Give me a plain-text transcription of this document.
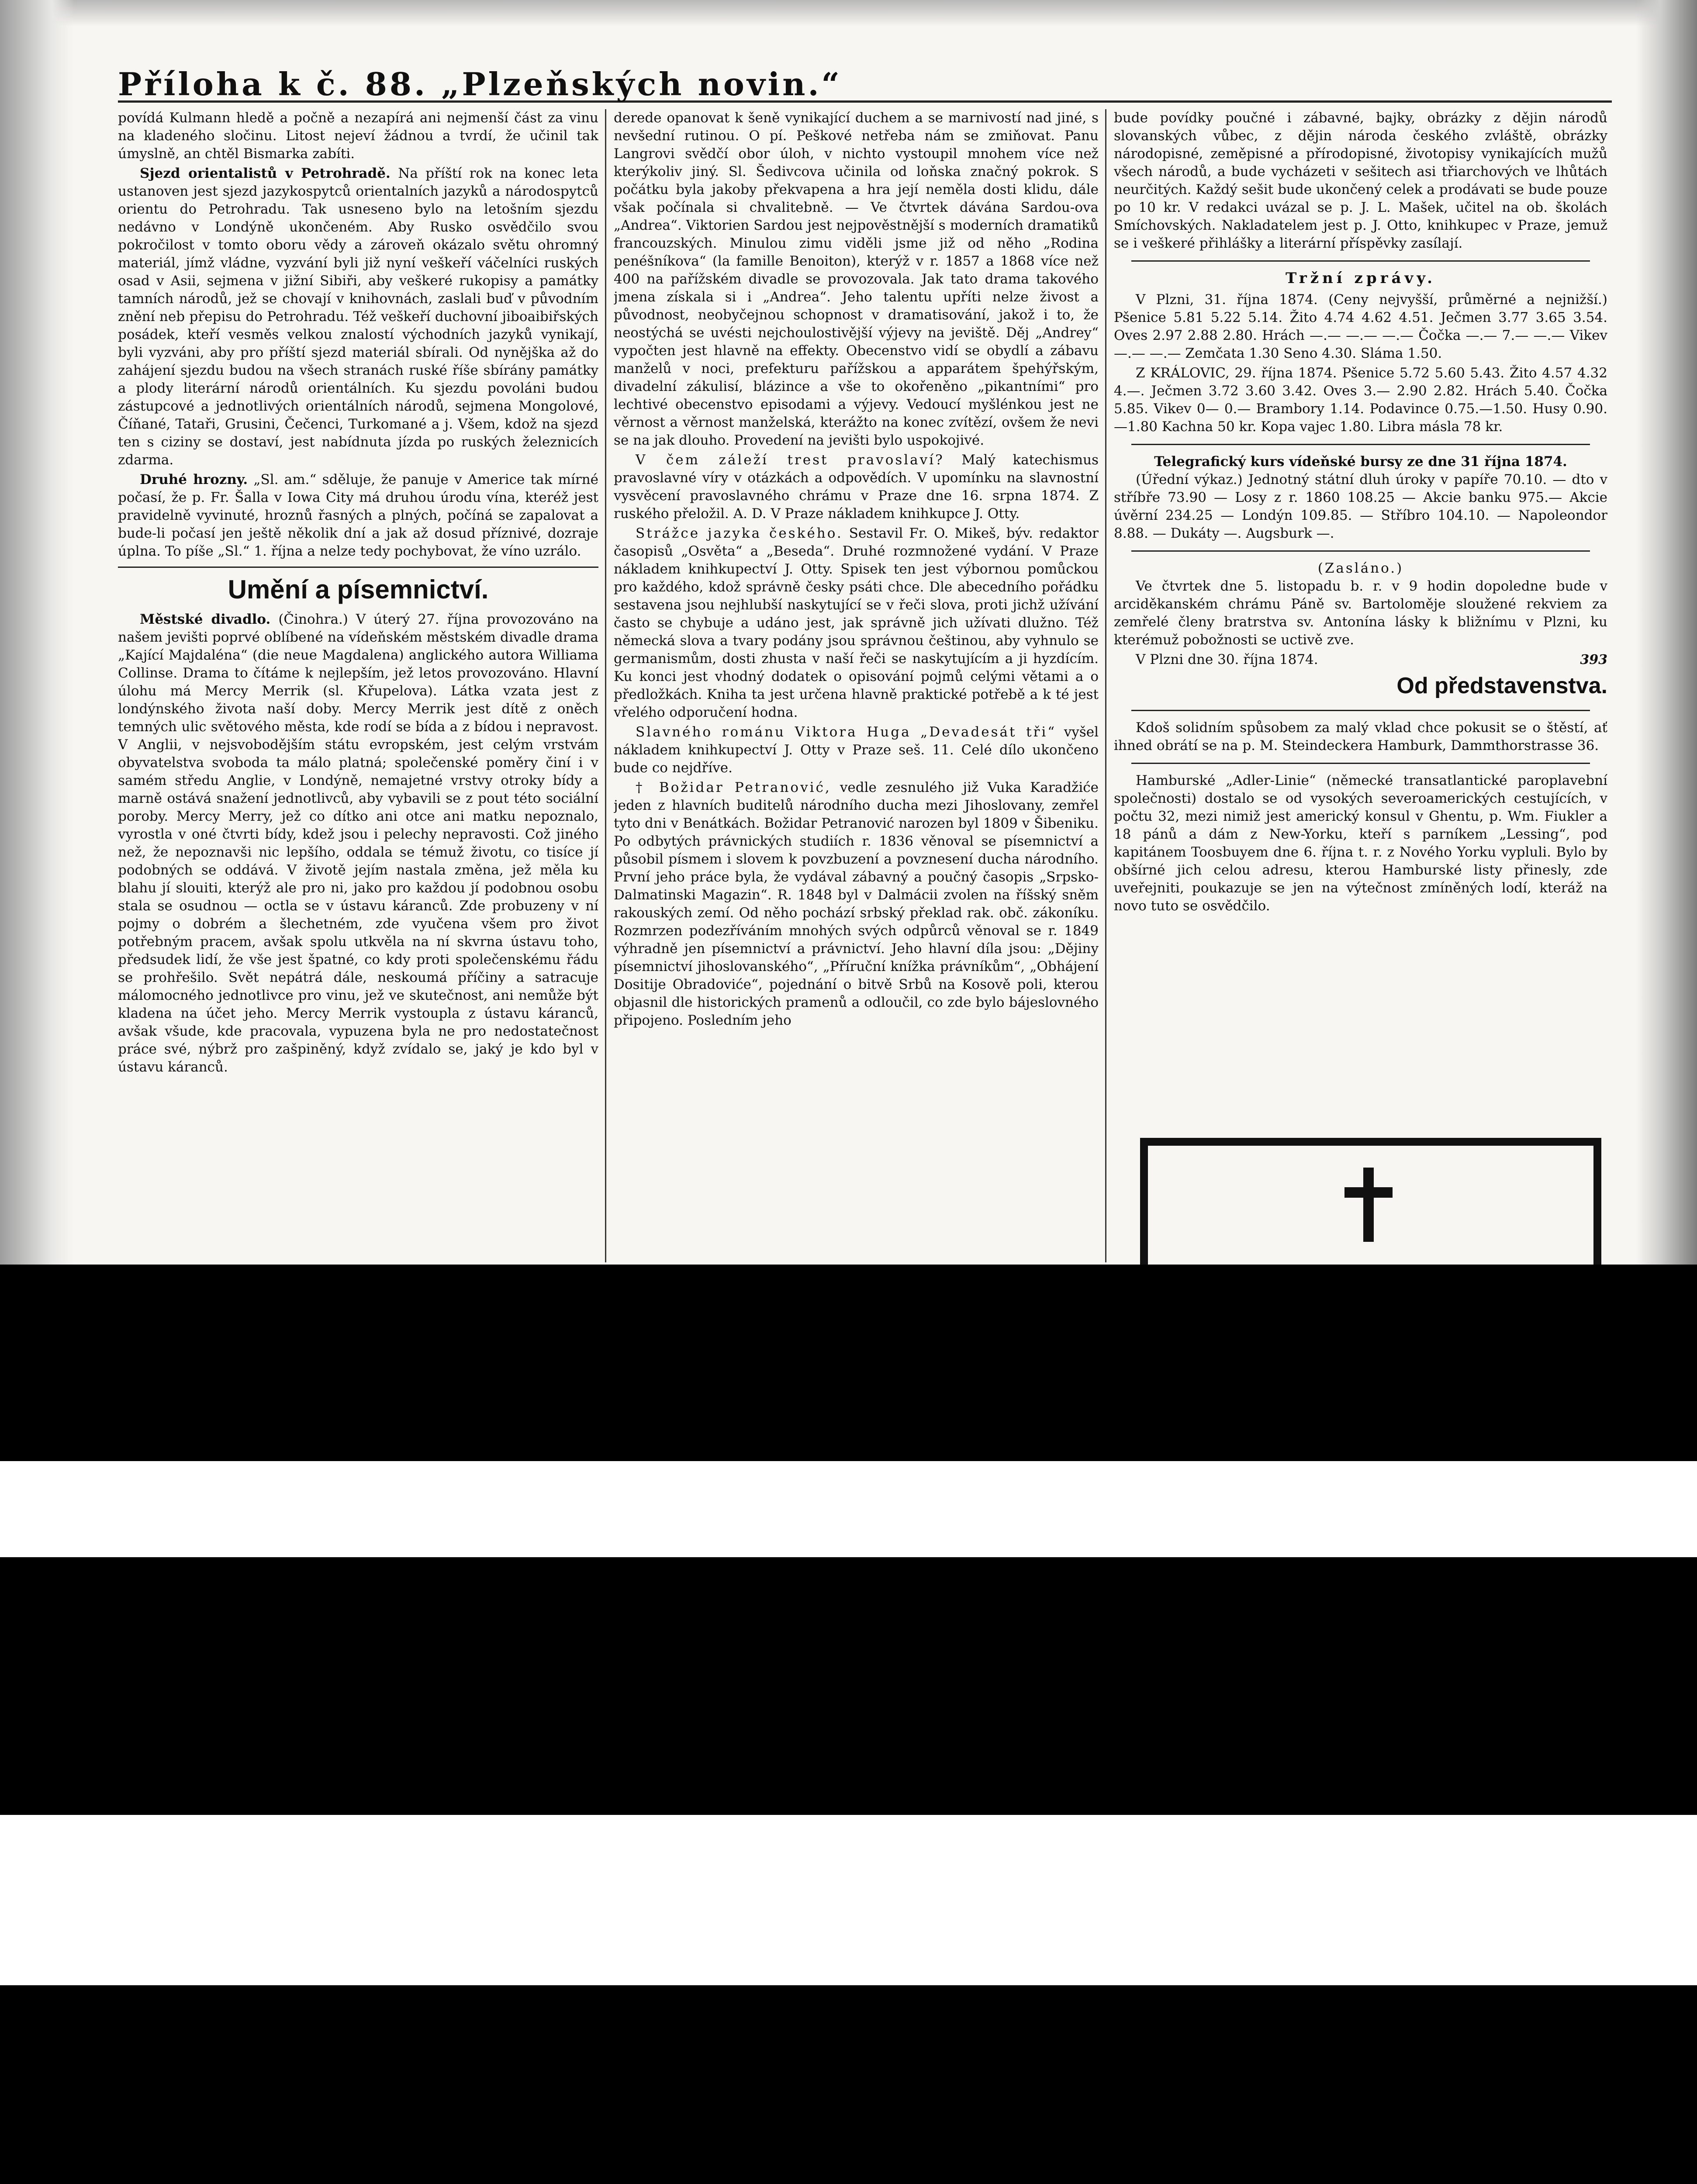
Příloha k č. 88. „Plzeňských novin.“

povídá Kulmann hledě a počně a nezapírá ani nejmenší část za vinu na kladeného sločinu. Litost nejeví žádnou a tvrdí, že učinil tak úmyslně, an chtěl Bismarka zabíti.

Sjezd orientalistů v Petrohradě. Na příští rok na konec leta ustanoven jest sjezd jazykospytců orientalních jazyků a národospytců orientu do Petrohradu. Tak usneseno bylo na letošním sjezdu nedávno v Londýně ukončeném. Aby Rusko osvědčilo svou pokročilost v tomto oboru vědy a zároveň okázalo světu ohromný materiál, jímž vládne, vyzvání byli již nyní veškeří váčelníci ruských osad v Asii, sejmena v jižní Sibiři, aby veškeré rukopisy a památky tamních národů, jež se chovají v knihovnách, zaslali buď v původním znění neb přepisu do Petrohradu. Též veškeří duchovní jiboaibiřských posádek, kteří vesměs velkou znalostí východních jazyků vynikají, byli vyzváni, aby pro příští sjezd materiál sbírali. Od nynějška až do zahájení sjezdu budou na všech stranách ruské říše sbírány památky a plody literární národů orientálních. Ku sjezdu povoláni budou zástupcové a jednotlivých orientálních národů, sejmena Mongolové, Číňané, Tataři, Grusini, Čečenci, Turkomané a j. Všem, kdož na sjezd ten s ciziny se dostaví, jest nabídnuta jízda po ruských železnicích zdarma.

Druhé hrozny. „Sl. am.“ sděluje, že panuje v Americe tak mírné počasí, že p. Fr. Šalla v Iowa City má druhou úrodu vína, kteréž jest pravidelně vyvinuté, hroznů řasných a plných, počíná se zapalovat a bude-li počasí jen ještě několik dní a jak až dosud příznivé, dozraje úplna. To píše „Sl.“ 1. října a nelze tedy pochybovat, že víno uzrálo.

Umění a písemnictví.

Městské divadlo. (Činohra.) V úterý 27. října provozováno na našem jevišti poprvé oblíbené na vídeňském městském divadle drama „Kající Majdaléna“ (die neue Magdalena) anglického autora Williama Collinse. Drama to čítáme k nejlepším, jež letos provozováno. Hlavní úlohu má Mercy Merrik (sl. Křupelova). Látka vzata jest z londýnského života naší doby. Mercy Merrik jest dítě z oněch temných ulic světového města, kde rodí se bída a z bídou i nepravost. V Anglii, v nejsvobodějším státu evropském, jest celým vrstvám obyvatelstva svoboda ta málo platná; společenské poměry činí i v samém středu Anglie, v Londýně, nemajetné vrstvy otroky bídy a marně ostává snažení jednotlivců, aby vybavili se z pout této sociální poroby. Mercy Merry, jež co dítko ani otce ani matku nepoznalo, vyrostla v oné čtvrti bídy, kdež jsou i pelechy nepravosti. Což jiného než, že nepoznavši nic lepšího, oddala se témuž životu, co tisíce jí podobných se oddává. V životě jejím nastala změna, jež měla ku blahu jí slouiti, kterýž ale pro ni, jako pro každou jí podobnou osobu stala se osudnou — octla se v ústavu káranců. Zde probuzeny v ní pojmy o dobrém a šlechetném, zde vyučena všem pro život potřebným pracem, avšak spolu utkvěla na ní skvrna ústavu toho, předsudek lidí, že vše jest špatné, co kdy proti společenskému řádu se prohřešilo. Svět nepátrá dále, neskoumá příčiny a satracuje málomocného jednotlivce pro vinu, jež ve skutečnost, ani nemůže být kladena na účet jeho. Mercy Merrik vystoupla z ústavu káranců, avšak všude, kde pracovala, vypuzena byla ne pro nedostatečnost práce své, nýbrž pro zašpiněný, když zvídalo se, jaký je kdo byl v ústavu káranců.

derede opanovat k šeně vynikající duchem a se marnivostí nad jiné, s nevšední rutinou. O pí. Peškové netřeba nám se zmiňovat. Panu Langrovi svědčí obor úloh, v nichto vystoupil mnohem více než kterýkoliv jiný. Sl. Šedivcova učinila od loňska značný pokrok. S počátku byla jakoby překvapena a hra její neměla dosti klidu, dále však počínala si chvalitebně. — Ve čtvrtek dávána Sardou-ova „Andrea“. Viktorien Sardou jest nejpověstnější s moderních dramatiků francouzských. Minulou zimu viděli jsme již od něho „Rodina penéšníkova“ (la famille Benoiton), kterýž v r. 1857 a 1868 více než 400 na pařížském divadle se provozovala. Jak tato drama takového jmena získala si i „Andrea“. Jeho talentu upříti nelze živost a původnost, neobyčejnou schopnost v dramatisování, jakož i to, že neostýchá se uvésti nejchoulostivější výjevy na jeviště. Děj „Andrey“ vypočten jest hlavně na effekty. Obecenstvo vidí se obydlí a zábavu manželů v noci, prefekturu pařížskou a apparátem špehýřským, divadelní zákulisí, blázince a vše to okořeněno „pikantními“ pro lechtivé obecenstvo episodami a výjevy. Vedoucí myšlénkou jest ne věrnost a věrnost manželská, kterážto na konec zvítězí, ovšem že nevi se na jak dlouho. Provedení na jevišti bylo uspokojivé.

V čem záleží trest pravoslaví? Malý katechismus pravoslavné víry v otázkách a odpovědích. V upomínku na slavnostní vysvěcení pravoslavného chrámu v Praze dne 16. srpna 1874. Z ruského přeložil. A. D. V Praze nákladem knihkupce J. Otty.

Strážce jazyka českého. Sestavil Fr. O. Mikeš, býv. redaktor časopisů „Osvěta“ a „Beseda“. Druhé rozmnožené vydání. V Praze nákladem knihkupectví J. Otty. Spisek ten jest výbornou pomůckou pro každého, kdož správně česky psáti chce. Dle abecedního pořádku sestavena jsou nejhlubší naskytující se v řeči slova, proti jichž užívání často se chybuje a udáno jest, jak správně jich užívati dlužno. Též německá slova a tvary podány jsou správnou češtinou, aby vyhnulo se germanismům, dosti zhusta v naší řeči se naskytujícím a ji hyzdícím. Ku konci jest vhodný dodatek o opisování pojmů celými větami a o předložkách. Kniha ta jest určena hlavně praktické potřebě a k té jest vřelého odporučení hodna.

Slavného románu Viktora Huga „Devadesát tři“ vyšel nákladem knihkupectví J. Otty v Praze seš. 11. Celé dílo ukončeno bude co nejdříve.

† Božidar Petranović, vedle zesnulého již Vuka Karadžiće jeden z hlavních buditelů národního ducha mezi Jihoslovany, zemřel tyto dni v Benátkách. Božidar Petranović narozen byl 1809 v Šibeniku. Po odbytých právnických studiích r. 1836 věnoval se písemnictví a působil písmem i slovem k povzbuzení a povznesení ducha národního. První jeho práce byla, že vydával zábavný a poučný časopis „Srpsko-Dalmatinski Magazin“. R. 1848 byl v Dalmácii zvolen na říšský sněm rakouských zemí. Od něho pochází srbský překlad rak. obč. zákoníku. Rozmrzen podezříváním mnohých svých odpůrců věnoval se r. 1849 výhradně jen písemnictví a právnictví. Jeho hlavní díla jsou: „Dějiny písemnictví jihoslovanského“, „Příruční knížka právníkům“, „Obhájení Dositije Obradoviće“, pojednání o bitvě Srbů na Kosově poli, kterou objasnil dle historických pramenů a odloučil, co zde bylo bájeslovného připojeno. Posledním jeho

bude povídky poučné i zábavné, bajky, obrázky z dějin národů slovanských vůbec, z dějin národa českého zvláště, obrázky národopisné, zeměpisné a přírodopisné, životopisy vynikajících mužů všech národů, a bude vycházeti v sešitech asi třiarchových ve lhůtách neurčitých. Každý sešit bude ukončený celek a prodávati se bude pouze po 10 kr. V redakci uvázal se p. J. L. Mašek, učitel na ob. školách Smíchovských. Nakladatelem jest p. J. Otto, knihkupec v Praze, jemuž se i veškeré přihlášky a literární příspěvky zasílají.

Tržní zprávy.

V Plzni, 31. října 1874. (Ceny nejvyšší, průměrné a nejnižší.) Pšenice 5.81 5.22 5.14. Žito 4.74 4.62 4.51. Ječmen 3.77 3.65 3.54. Oves 2.97 2.88 2.80. Hrách —.— —.— —.— Čočka —.— 7.— —.— Vikev —.— —.— Zemčata 1.30 Seno 4.30. Sláma 1.50.

Z KRÁLOVIC, 29. října 1874. Pšenice 5.72 5.60 5.43. Žito 4.57 4.32 4.—. Ječmen 3.72 3.60 3.42. Oves 3.— 2.90 2.82. Hrách 5.40. Čočka 5.85. Vikev 0— 0.— Brambory 1.14. Podavince 0.75.—1.50. Husy 0.90.—1.80 Kachna 50 kr. Kopa vajec 1.80. Libra másla 78 kr.

Telegrafický kurs vídeňské bursy ze dne 31 října 1874.

(Úřední výkaz.) Jednotný státní dluh úroky v papíře 70.10. — dto v stříbře 73.90 — Losy z r. 1860 108.25 — Akcie banku 975.— Akcie úvěrní 234.25 — Londýn 109.85. — Stříbro 104.10. — Napoleondor 8.88. — Dukáty —. Augsburk —.

(Zasláno.)

Ve čtvrtek dne 5. listopadu b. r. v 9 hodin dopoledne bude v arciděkanském chrámu Páně sv. Bartoloměje sloužené rekviem za zemřelé členy bratrstva sv. Antonína lásky k bližnímu v Plzni, ku kterémuž pobožnosti se uctivě zve.

V Plzni dne 30. října 1874.	393
Od představenstva.

Kdoš solidním spůsobem za malý vklad chce pokusit se o štěstí, ať ihned obrátí se na p. M. Steindeckera Hamburk, Dammthorstrasse 36.

Hamburské „Adler-Linie“ (německé transatlantické paroplavební společnosti) dostalo se od vysokých severoamerických cestujících, v počtu 32, mezi nimiž jest americký konsul v Ghentu, p. Wm. Fiukler a 18 pánů a dám z New-Yorku, kteří s parníkem „Lessing“, pod kapitánem Toosbuyem dne 6. října t. r. z Nového Yorku vypluli. Bylo by obšírné jich celou adresu, kterou Hamburské listy přinesly, zde uveřejniti, poukazuje se jen na výtečnost zmíněných lodí, kteráž na novo tuto se osvědčilo.
